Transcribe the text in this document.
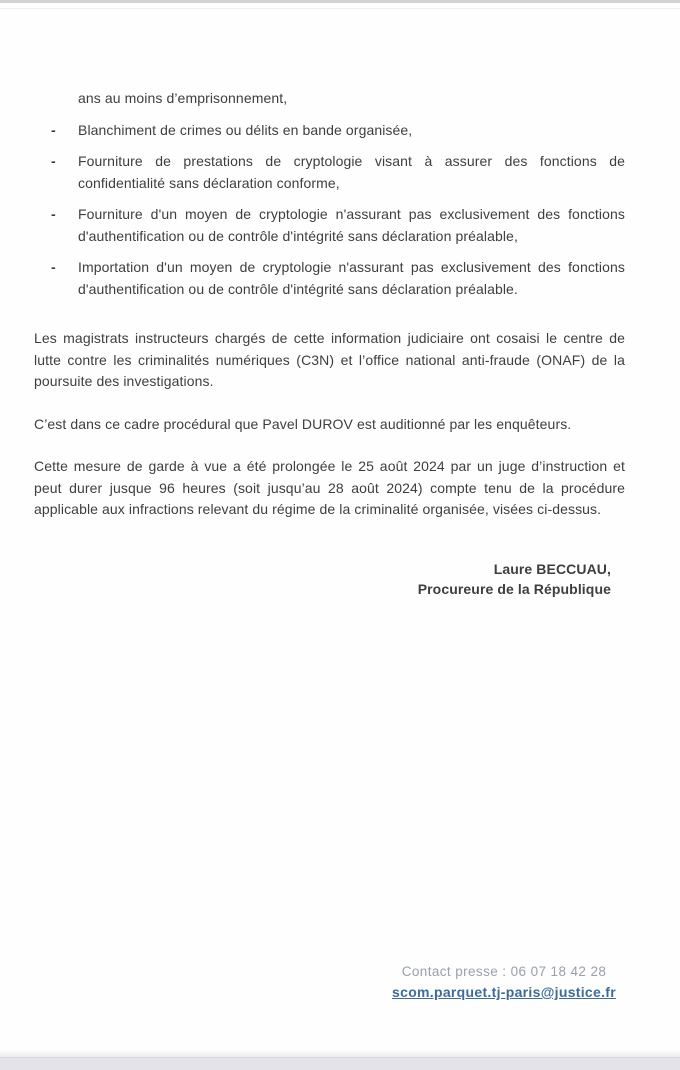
ans au moins d’emprisonnement,
- Blanchiment de crimes ou délits en bande organisée,
- Fourniture de prestations de cryptologie visant à assurer des fonctions de confidentialité sans déclaration conforme,
- Fourniture d'un moyen de cryptologie n'assurant pas exclusivement des fonctions d'authentification ou de contrôle d'intégrité sans déclaration préalable,
- Importation d'un moyen de cryptologie n'assurant pas exclusivement des fonctions d'authentification ou de contrôle d'intégrité sans déclaration préalable.

Les magistrats instructeurs chargés de cette information judiciaire ont cosaisi le centre de lutte contre les criminalités numériques (C3N) et l’office national anti-fraude (ONAF) de la poursuite des investigations.

C’est dans ce cadre procédural que Pavel DUROV est auditionné par les enquêteurs.

Cette mesure de garde à vue a été prolongée le 25 août 2024 par un juge d’instruction et peut durer jusque 96 heures (soit jusqu’au 28 août 2024) compte tenu de la procédure applicable aux infractions relevant du régime de la criminalité organisée, visées ci-dessus.

Laure BECCUAU,
Procureure de la République
Contact presse : 06 07 18 42 28
scom.parquet.tj-paris@justice.fr
